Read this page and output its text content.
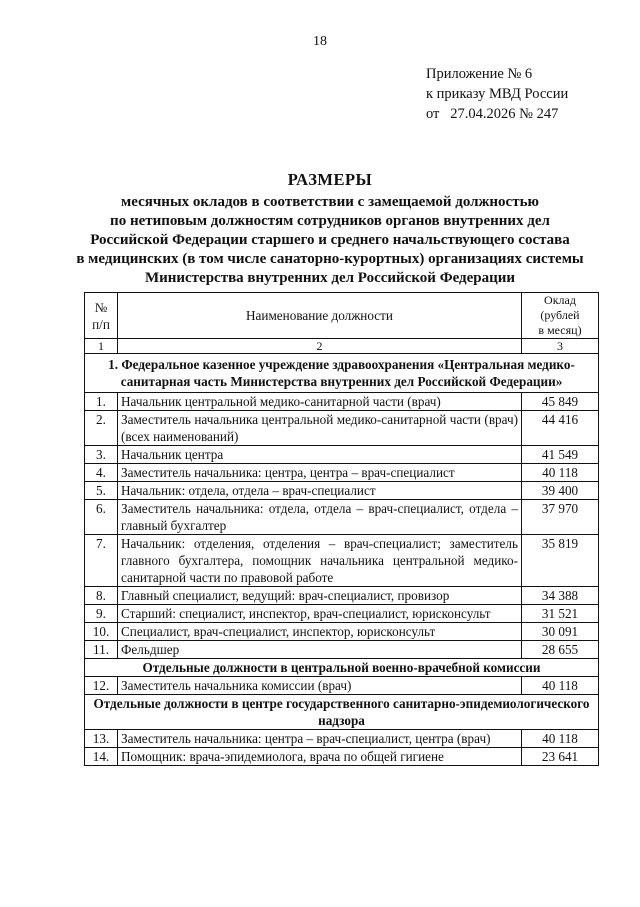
18
Приложение № 6
к приказу МВД России
от   27.04.2026 № 247
РАЗМЕРЫ
месячных окладов в соответствии с замещаемой должностью
по нетиповым должностям сотрудников органов внутренних дел
Российской Федерации старшего и среднего начальствующего состава
в медицинских (в том числе санаторно-курортных) организациях системы
Министерства внутренних дел Российской Федерации
№ п/п	Наименование должности	Оклад
(рублей
в месяц)

1	2	3
1. Федеральное казенное учреждение здравоохранения «Центральная медико-санитарная часть Министерства внутренних дел Российской Федерации»		
1.	Начальник центральной медико-санитарной части (врач)	45 849
2.	Заместитель начальника центральной медико-санитарной части (врач) (всех наименований)	44 416
3.	Начальник центра	41 549
4.	Заместитель начальника: центра, центра – врач-специалист	40 118
5.	Начальник: отдела, отдела – врач-специалист	39 400
6.	Заместитель начальника: отдела, отдела – врач-специалист, отдела – главный бухгалтер	37 970
7.	Начальник: отделения, отделения – врач-специалист; заместитель главного бухгалтера, помощник начальника центральной медико-санитарной части по правовой работе	35 819
8.	Главный специалист, ведущий: врач-специалист, провизор	34 388
9.	Старший: специалист, инспектор, врач-специалист, юрисконсульт	31 521
10.	Специалист, врач-специалист, инспектор, юрисконсульт	30 091
11.	Фельдшер	28 655
Отдельные должности в центральной военно-врачебной комиссии		
12.	Заместитель начальника комиссии (врач)	40 118
Отдельные должности в центре государственного санитарно-эпидемиологического надзора		
13.	Заместитель начальника: центра – врач-специалист, центра (врач)	40 118
14.	Помощник: врача-эпидемиолога, врача по общей гигиене	23 641
